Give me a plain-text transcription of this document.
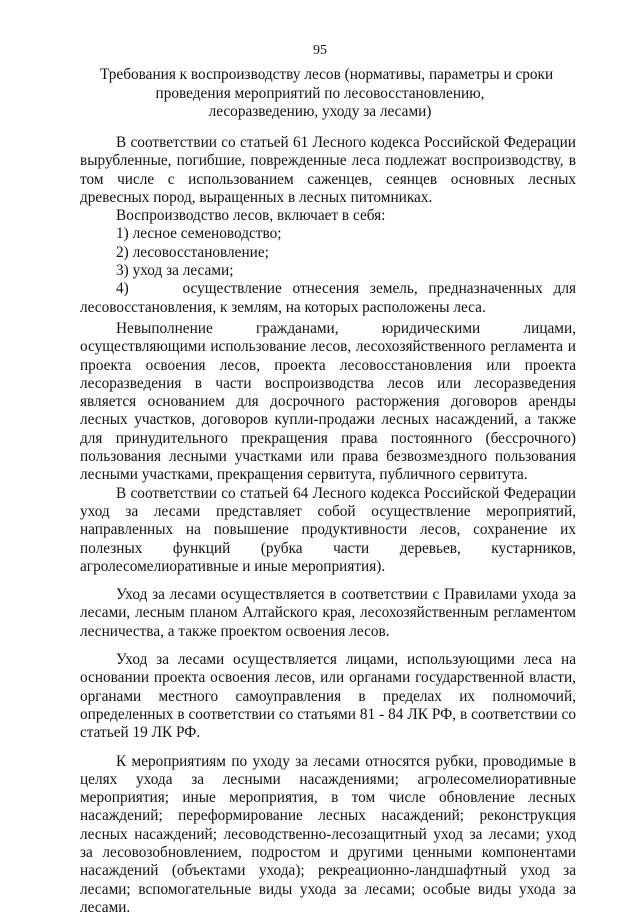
95
Требования к воспроизводству лесов (нормативы, параметры и сроки
проведения мероприятий по лесовосстановлению,
лесоразведению, уходу за лесами)

В соответствии со статьей 61 Лесного кодекса Российской Федерации вырубленные, погибшие, поврежденные леса подлежат воспроизводству, в том числе с использованием саженцев, сеянцев основных лесных древесных пород, выращенных в лесных питомниках.

Воспроизводство лесов, включает в себя:

1) лесное семеноводство;

2) лесовосстановление;

3) уход за лесами;

4)     осуществление отнесения земель, предназначенных для лесовосстановления, к землям, на которых расположены леса.

Невыполнение гражданами, юридическими лицами, осуществляющими использование лесов, лесохозяйственного регламента и проекта освоения лесов, проекта лесовосстановления или проекта лесоразведения в части воспроизводства лесов или лесоразведения является основанием для досрочного расторжения договоров аренды лесных участков, договоров купли-продажи лесных насаждений, а также для принудительного прекращения права постоянного (бессрочного) пользования лесными участками или права безвозмездного пользования лесными участками, прекращения сервитута, публичного сервитута.

В соответствии со статьей 64 Лесного кодекса Российской Федерации уход за лесами представляет собой осуществление мероприятий, направленных на повышение продуктивности лесов, сохранение их полезных функций (рубка части деревьев, кустарников, агролесомелиоративные и иные мероприятия).

Уход за лесами осуществляется в соответствии с Правилами ухода за лесами, лесным планом Алтайского края, лесохозяйственным регламентом лесничества, а также проектом освоения лесов.

Уход за лесами осуществляется лицами, использующими леса на основании проекта освоения лесов, или органами государственной власти, органами местного самоуправления в пределах их полномочий, определенных в соответствии со статьями 81 - 84 ЛК РФ, в соответствии со статьей 19 ЛК РФ.

К мероприятиям по уходу за лесами относятся рубки, проводимые в целях ухода за лесными насаждениями; агролесомелиоративные мероприятия; иные мероприятия, в том числе обновление лесных насаждений; переформирование лесных насаждений; реконструкция лесных насаждений; лесоводственно-лесозащитный уход за лесами; уход за лесовозобновлением, подростом и другими ценными компонентами насаждений (объектами ухода); рекреационно-ландшафтный уход за лесами; вспомогательные виды ухода за лесами; особые виды ухода за лесами.
